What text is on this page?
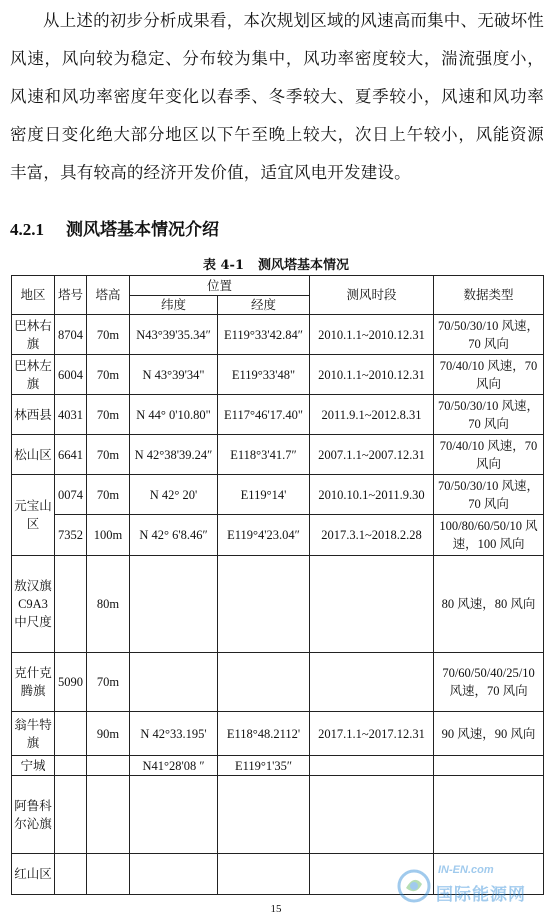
从上述的初步分析成果看，本次规划区域的风速高而集中、无破坏性风速，风向较为稳定、分布较为集中，风功率密度较大，湍流强度小，风速和风功率密度年变化以春季、冬季较大、夏季较小，风速和风功率密度日变化绝大部分地区以下午至晚上较大，次日上午较小，风能资源丰富，具有较高的经济开发价值，适宜风电开发建设。

4.2.1 测风塔基本情况介绍
表 4-1 测风塔基本情况
地区	塔号	塔高	位置		测风时段	数据类型
			纬度	经度		
巴林右旗	8704	70m	N43°39'35.34″	E119°33'42.84″	2010.1.1~2010.12.31	70/50/30/10 风速，70 风向
巴林左旗	6004	70m	N 43°39'34"	E119°33'48"	2010.1.1~2010.12.31	70/40/10 风速，70 风向
林西县	4031	70m	N 44° 0'10.80"	E117°46'17.40"	2011.9.1~2012.8.31	70/50/30/10 风速，70 风向
松山区	6641	70m	N 42°38'39.24″	E118°3'41.7″	2007.1.1~2007.12.31	70/40/10 风速，70 风向
元宝山区	0074	70m	N 42° 20'	E119°14'	2010.10.1~2011.9.30	70/50/30/10 风速，70 风向
	7352	100m	N 42° 6'8.46″	E119°4'23.04″	2017.3.1~2018.2.28	100/80/60/50/10 风速，100 风向
敖汉旗C9A3中尺度		80m				80 风速，80 风向
克什克腾旗	5090	70m				70/60/50/40/25/10 风速，70 风向
翁牛特旗		90m	N 42°33.195'	E118°48.2112'	2017.1.1~2017.12.31	90 风速，90 风向
宁城			N41°28'08 ″	E119°1'35″		
阿鲁科尔沁旗						
红山区						
15
IN-EN.com
国际能源网
